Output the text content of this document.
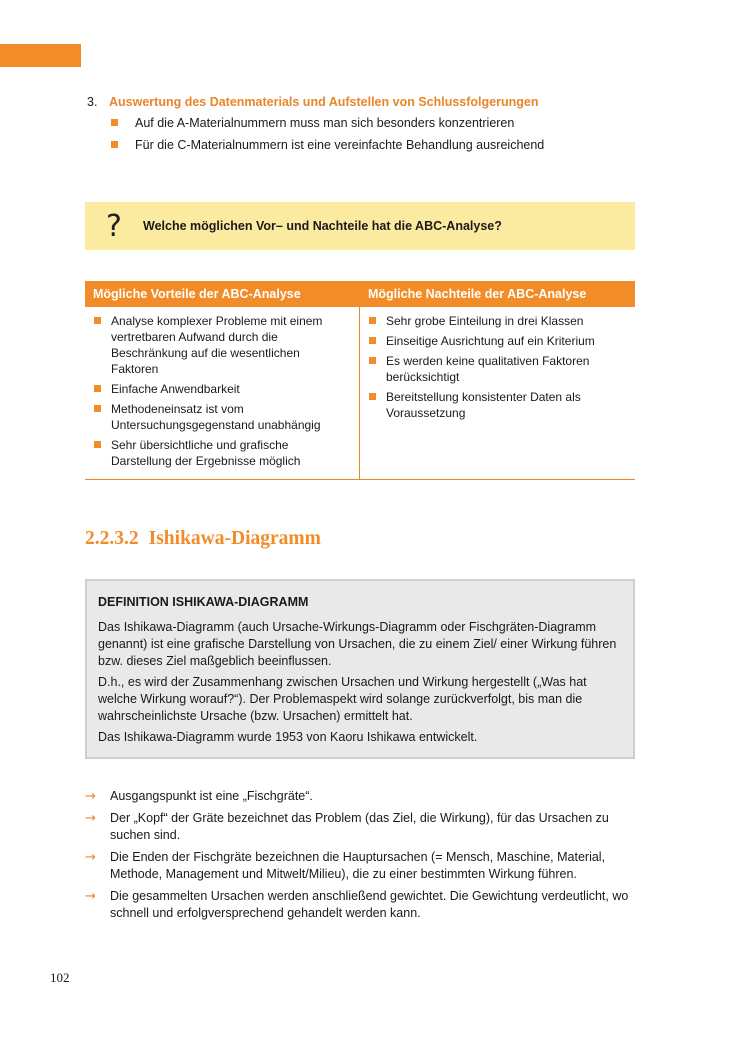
3. Auswertung des Datenmaterials und Aufstellen von Schlussfolgerungen
Auf die A-Materialnummern muss man sich besonders konzentrieren
Für die C-Materialnummern ist eine vereinfachte Behandlung ausreichend
?	Welche möglichen Vor– und Nachteile hat die ABC-Analyse?
Mögliche Vorteile der ABC-Analyse	Mögliche Nachteile der ABC-Analyse
Analyse komplexer Probleme mit einem vertretbaren Aufwand durch die Beschränkung auf die wesentlichen Faktoren
Einfache Anwendbarkeit
Methodeneinsatz ist vom Untersuchungsgegenstand unabhängig
Sehr übersichtliche und grafische Darstellung der Ergebnisse möglich
Sehr grobe Einteilung in drei Klassen
Einseitige Ausrichtung auf ein Kriterium
Es werden keine qualitativen Faktoren berücksichtigt
Bereitstellung konsistenter Daten als Voraussetzung
2.2.3.2 Ishikawa-Diagramm
DEFINITION ISHIKAWA-DIAGRAMM

Das Ishikawa-Diagramm (auch Ursache-Wirkungs-Diagramm oder Fischgräten-Diagramm genannt) ist eine grafische Darstellung von Ursachen, die zu einem Ziel/ einer Wirkung führen bzw. dieses Ziel maßgeblich beeinflussen.

D.h., es wird der Zusammenhang zwischen Ursachen und Wirkung hergestellt („Was hat welche Wirkung worauf?“). Der Problemaspekt wird solange zurückverfolgt, bis man die wahrscheinlichste Ursache (bzw. Ursachen) ermittelt hat.

Das Ishikawa-Diagramm wurde 1953 von Kaoru Ishikawa entwickelt.

→ Ausgangspunkt ist eine „Fischgräte“.
→ Der „Kopf“ der Gräte bezeichnet das Problem (das Ziel, die Wirkung), für das Ursachen zu suchen sind.
→ Die Enden der Fischgräte bezeichnen die Hauptursachen (= Mensch, Maschine, Material, Methode, Management und Mitwelt/Milieu), die zu einer bestimmten Wirkung führen.
→ Die gesammelten Ursachen werden anschließend gewichtet. Die Gewichtung verdeutlicht, wo schnell und erfolgversprechend gehandelt werden kann.
102
